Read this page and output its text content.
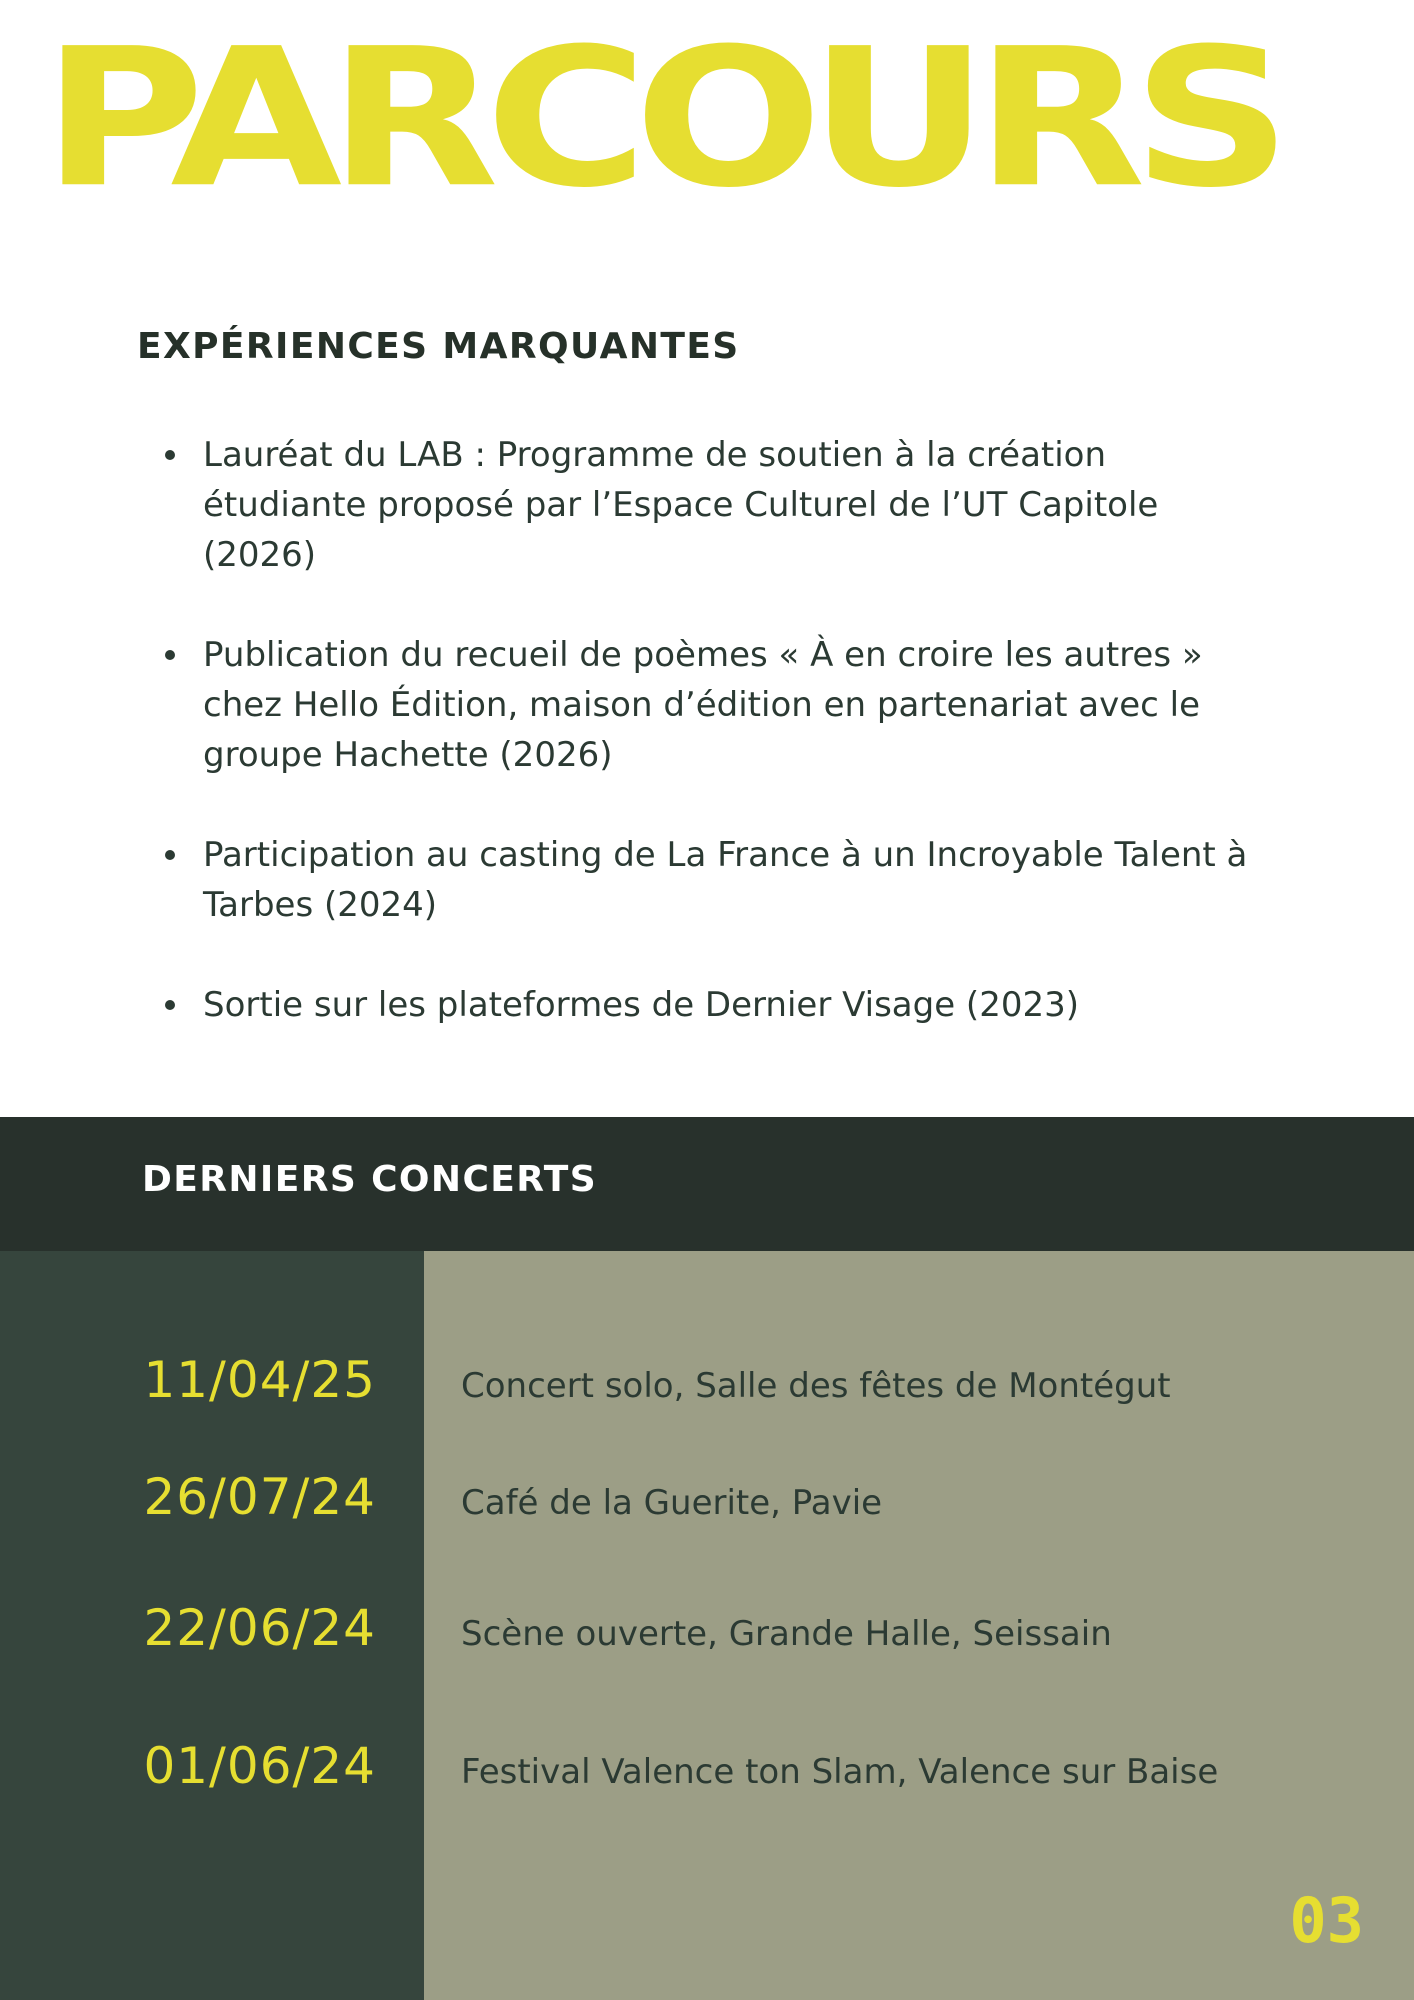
PARCOURS
EXPÉRIENCES MARQUANTES
Lauréat du LAB : Programme de soutien à la création étudiante proposé par l’Espace Culturel de l’UT Capitole (2026)
Publication du recueil de poèmes « À en croire les autres » chez Hello Édition, maison d’édition en partenariat avec le groupe Hachette (2026)
Participation au casting de La France à un Incroyable Talent à Tarbes (2024)
Sortie sur les plateformes de Dernier Visage (2023)
DERNIERS CONCERTS
11/04/25	Concert solo, Salle des fêtes de Montégut
26/07/24	Café de la Guerite, Pavie
22/06/24	Scène ouverte, Grande Halle, Seissain
01/06/24	Festival Valence ton Slam, Valence sur Baise
03
